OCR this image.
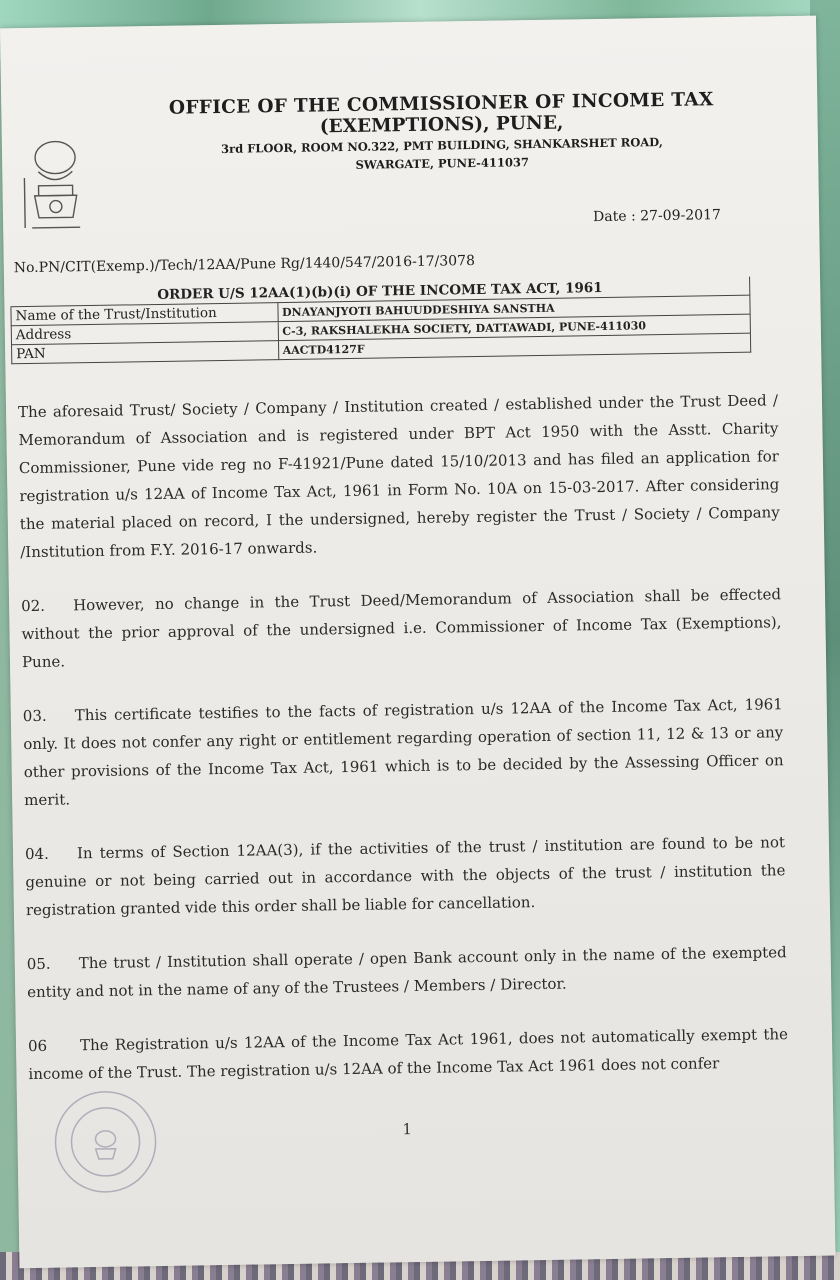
OFFICE OF THE COMMISSIONER OF INCOME TAX
(EXEMPTIONS), PUNE,
3rd FLOOR, ROOM NO.322, PMT BUILDING, SHANKARSHET ROAD,
SWARGATE, PUNE-411037
Date : 27-09-2017
No.PN/CIT(Exemp.)/Tech/12AA/Pune Rg/1440/547/2016-17/3078
ORDER U/S 12AA(1)(b)(i) OF THE INCOME TAX ACT, 1961	
Name of the Trust/Institution	DNAYANJYOTI BAHUUDDESHIYA SANSTHA
Address	C-3, RAKSHALEKHA SOCIETY, DATTAWADI, PUNE-411030
PAN	AACTD4127F
The aforesaid Trust/ Society / Company / Institution created / established under the Trust Deed / Memorandum of Association and is registered under BPT Act 1950 with the Asstt. Charity Commissioner, Pune vide reg no F-41921/Pune dated 15/10/2013 and has filed an application for registration u/s 12AA of Income Tax Act, 1961 in Form No. 10A on 15-03-2017. After considering the material placed on record, I the undersigned, hereby register the Trust / Society / Company /Institution from F.Y. 2016-17 onwards.
02. However, no change in the Trust Deed/Memorandum of Association shall be effected without the prior approval of the undersigned i.e. Commissioner of Income Tax (Exemptions), Pune.
03. This certificate testifies to the facts of registration u/s 12AA of the Income Tax Act, 1961 only. It does not confer any right or entitlement regarding operation of section 11, 12 & 13 or any other provisions of the Income Tax Act, 1961 which is to be decided by the Assessing Officer on merit.
04. In terms of Section 12AA(3), if the activities of the trust / institution are found to be not genuine or not being carried out in accordance with the objects of the trust / institution the registration granted vide this order shall be liable for cancellation.
05. The trust / Institution shall operate / open Bank account only in the name of the exempted entity and not in the name of any of the Trustees / Members / Director.
06 The Registration u/s 12AA of the Income Tax Act 1961, does not automatically exempt the income of the Trust. The registration u/s 12AA of the Income Tax Act 1961 does not confer
1
